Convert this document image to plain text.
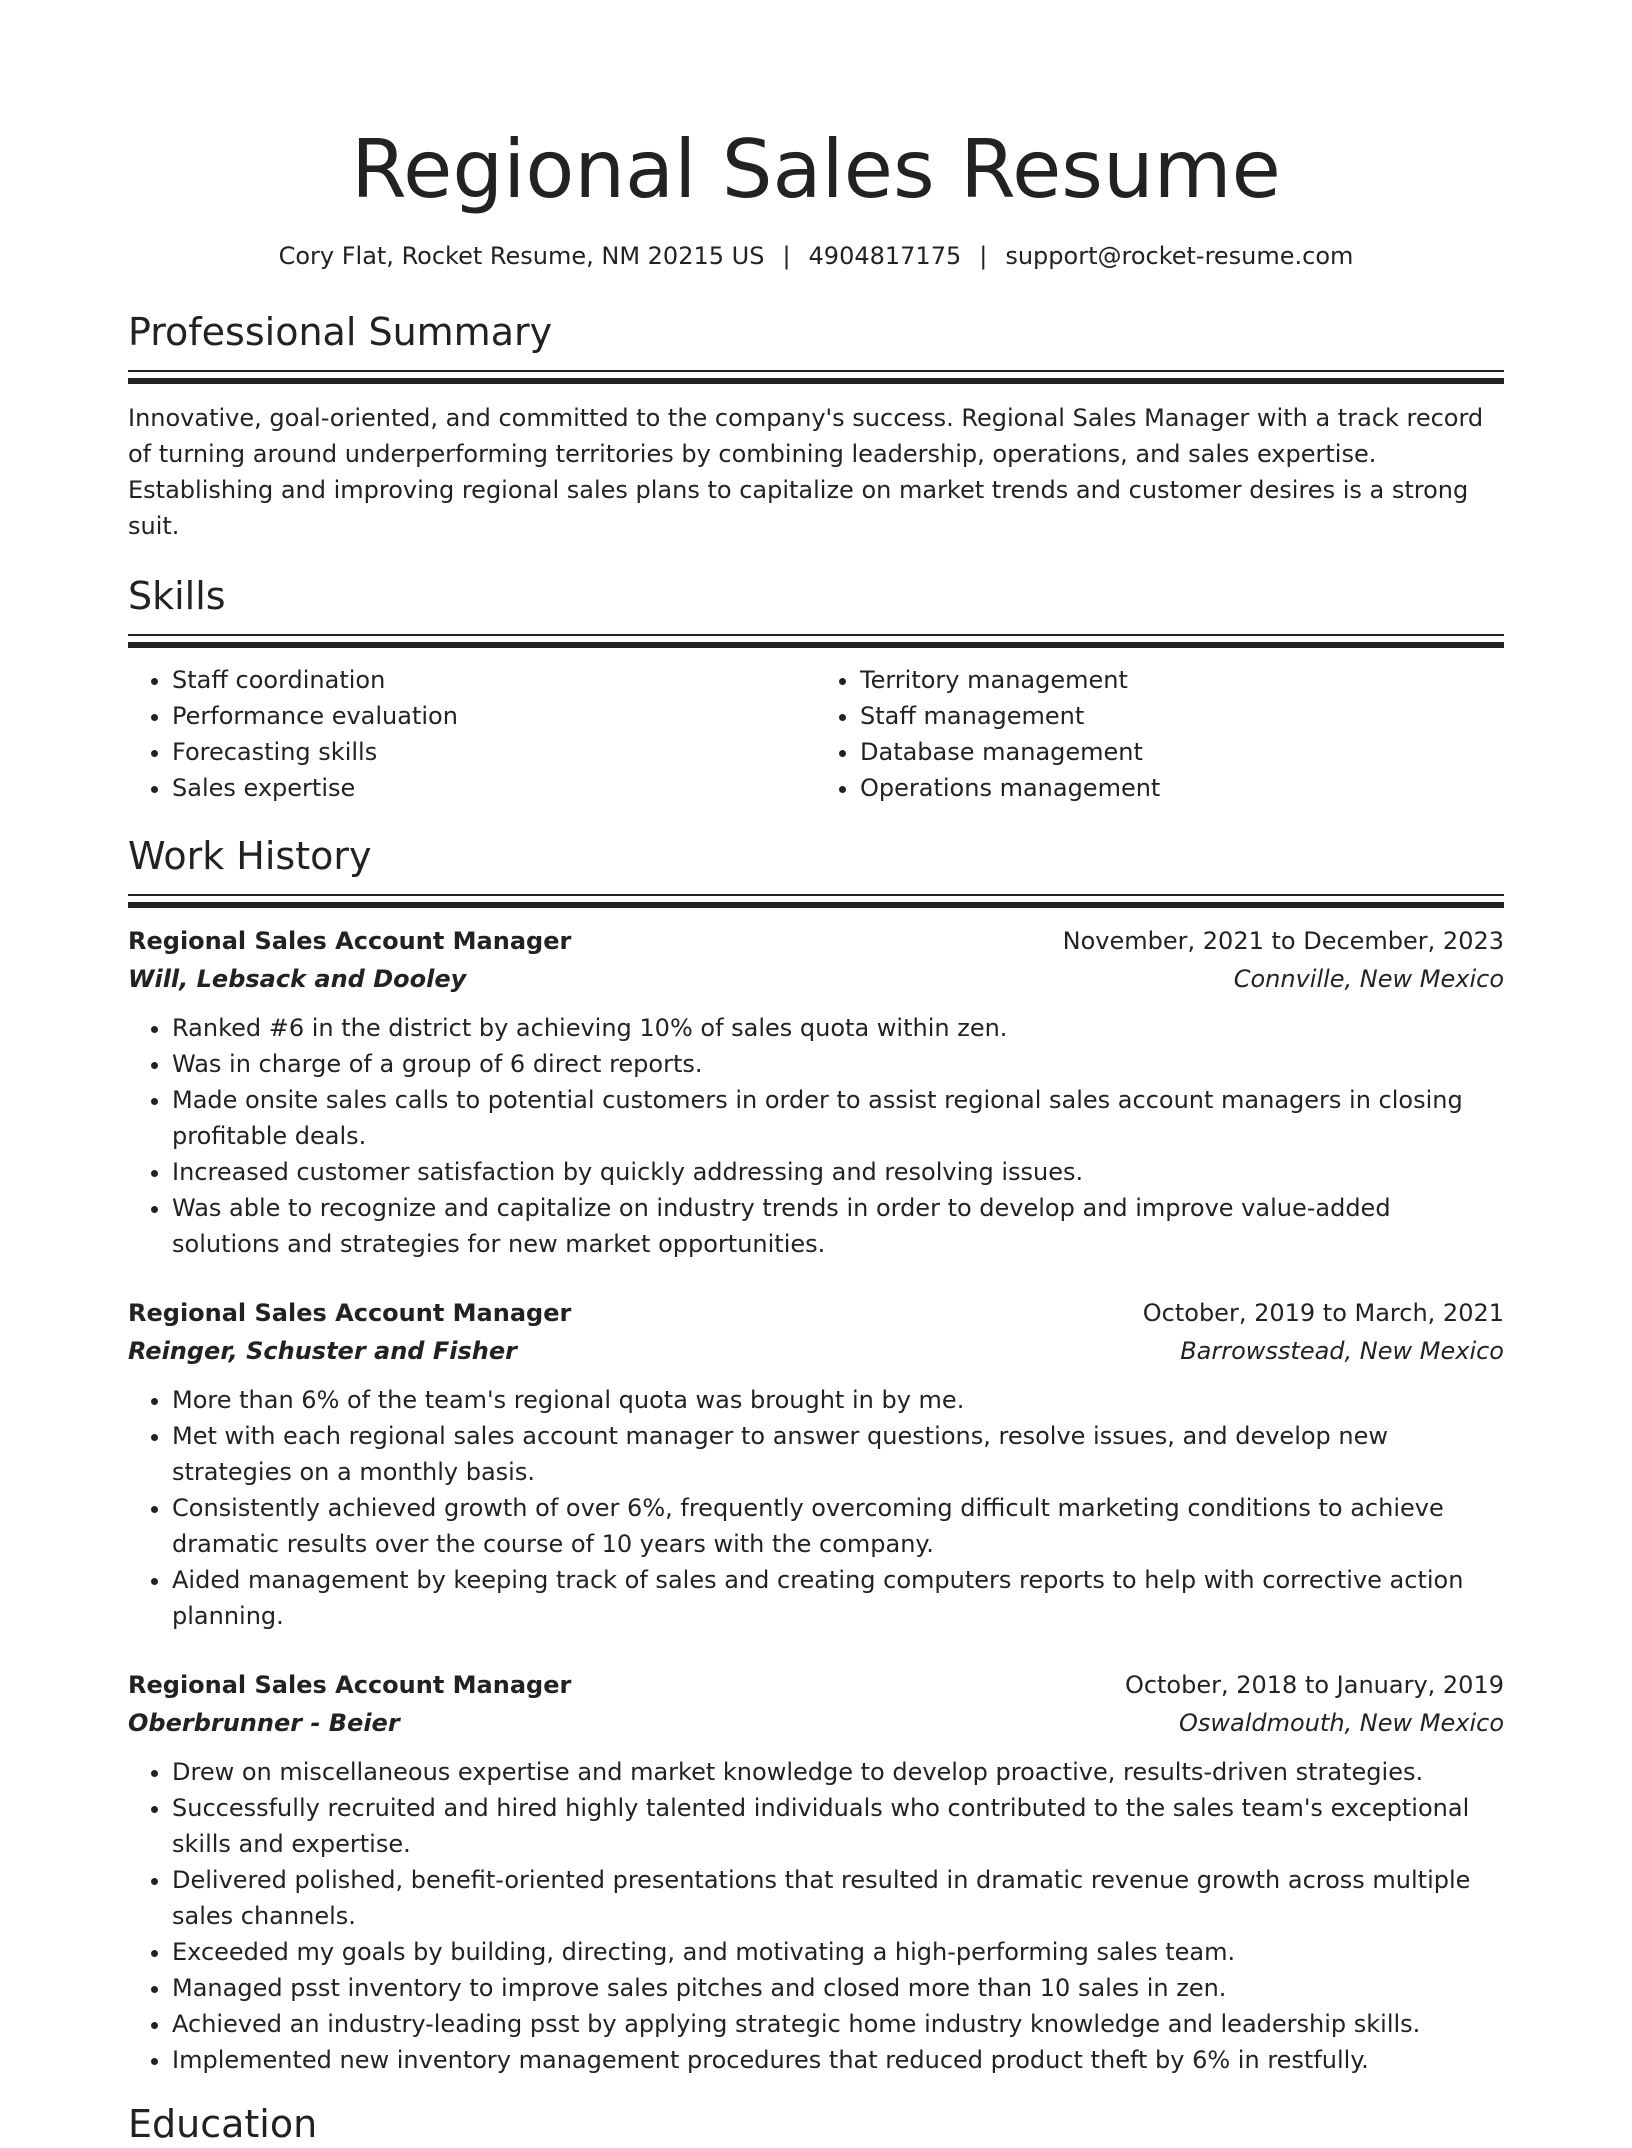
Regional Sales Resume
Cory Flat, Rocket Resume, NM 20215 US | 4904817175 | support@rocket-resume.com
Professional Summary
Innovative, goal-oriented, and committed to the company's success. Regional Sales Manager with a track record of turning around underperforming territories by combining leadership, operations, and sales expertise. Establishing and improving regional sales plans to capitalize on market trends and customer desires is a strong suit.
Skills
• Staff coordination
• Performance evaluation
• Forecasting skills
• Sales expertise
• Territory management
• Staff management
• Database management
• Operations management
Work History
Regional Sales Account Manager	November, 2021 to December, 2023
Will, Lebsack and Dooley	Connville, New Mexico
• Ranked #6 in the district by achieving 10% of sales quota within zen.
• Was in charge of a group of 6 direct reports.
• Made onsite sales calls to potential customers in order to assist regional sales account managers in closing profitable deals.
• Increased customer satisfaction by quickly addressing and resolving issues.
• Was able to recognize and capitalize on industry trends in order to develop and improve value-added solutions and strategies for new market opportunities.
Regional Sales Account Manager	October, 2019 to March, 2021
Reinger, Schuster and Fisher	Barrowsstead, New Mexico
• More than 6% of the team's regional quota was brought in by me.
• Met with each regional sales account manager to answer questions, resolve issues, and develop new strategies on a monthly basis.
• Consistently achieved growth of over 6%, frequently overcoming difficult marketing conditions to achieve dramatic results over the course of 10 years with the company.
• Aided management by keeping track of sales and creating computers reports to help with corrective action planning.
Regional Sales Account Manager	October, 2018 to January, 2019
Oberbrunner - Beier	Oswaldmouth, New Mexico
• Drew on miscellaneous expertise and market knowledge to develop proactive, results-driven strategies.
• Successfully recruited and hired highly talented individuals who contributed to the sales team's exceptional skills and expertise.
• Delivered polished, benefit-oriented presentations that resulted in dramatic revenue growth across multiple sales channels.
• Exceeded my goals by building, directing, and motivating a high-performing sales team.
• Managed psst inventory to improve sales pitches and closed more than 10 sales in zen.
• Achieved an industry-leading psst by applying strategic home industry knowledge and leadership skills.
• Implemented new inventory management procedures that reduced product theft by 6% in restfully.
Education
